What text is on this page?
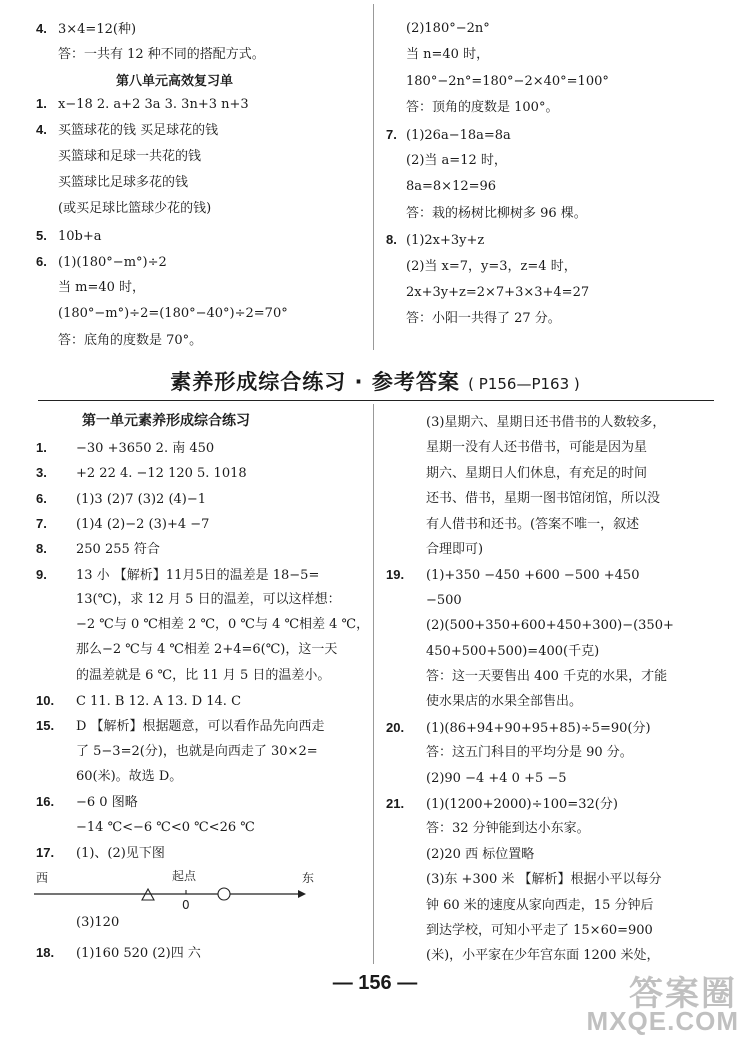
4. 3×4=12(种)
答：一共有 12 种不同的搭配方式。
第八单元高效复习单
1. x−18 2. a+2 3a 3. 3n+3 n+3
4. 买篮球花的钱 买足球花的钱
买篮球和足球一共花的钱
买篮球比足球多花的钱
(或买足球比篮球少花的钱)
5. 10b+a
6. (1)(180°−m°)÷2
当 m=40 时，
(180°−m°)÷2=(180°−40°)÷2=70°
答：底角的度数是 70°。
(2)180°−2n°
当 n=40 时，
180°−2n°=180°−2×40°=100°
答：顶角的度数是 100°。
7. (1)26a−18a=8a
(2)当 a=12 时，
8a=8×12=96
答：栽的杨树比柳树多 96 棵。
8. (1)2x+3y+z
(2)当 x=7，y=3，z=4 时，
2x+3y+z=2×7+3×3+4=27
答：小阳一共得了 27 分。
素养形成综合练习 · 参考答案 ( P156—P163 )
第一单元素养形成综合练习
1. −30 +3650 2. 南 450
3. +2 22 4. −12 120 5. 1018
6. (1)3 (2)7 (3)2 (4)−1
7. (1)4 (2)−2 (3)+4 −7
8. 250 255 符合
9. 13 小 【解析】11月5日的温差是 18−5=
13(℃)，求 12 月 5 日的温差，可以这样想：
−2 ℃与 0 ℃相差 2 ℃，0 ℃与 4 ℃相差 4 ℃，
那么−2 ℃与 4 ℃相差 2+4=6(℃)，这一天
的温差就是 6 ℃，比 11 月 5 日的温差小。
10. C 11. B 12. A 13. D 14. C
15. D 【解析】根据题意，可以看作品先向西走
了 5−3=2(分)，也就是向西走了 30×2=
60(米)。故选 D。
16. −6 0 图略
−14 ℃<−6 ℃<0 ℃<26 ℃
17. (1)、(2)见下图
西	东
起点
0
(3)120
18. (1)160 520 (2)四 六
(3)星期六、星期日还书借书的人数较多，
星期一没有人还书借书，可能是因为星
期六、星期日人们休息，有充足的时间
还书、借书，星期一图书馆闭馆，所以没
有人借书和还书。(答案不唯一，叙述
合理即可)
19. (1)+350 −450 +600 −500 +450
−500
(2)(500+350+600+450+300)−(350+
450+500+500)=400(千克)
答：这一天要售出 400 千克的水果，才能
使水果店的水果全部售出。
20. (1)(86+94+90+95+85)÷5=90(分)
答：这五门科目的平均分是 90 分。
(2)90 −4 +4 0 +5 −5
21. (1)(1200+2000)÷100=32(分)
答：32 分钟能到达小东家。
(2)20 西 标位置略
(3)东 +300 米 【解析】根据小平以每分
钟 60 米的速度从家向西走，15 分钟后
到达学校，可知小平走了 15×60=900
(米)，小平家在少年宫东面 1200 米处，
— 156 —	答案圈
MXQE.COM
